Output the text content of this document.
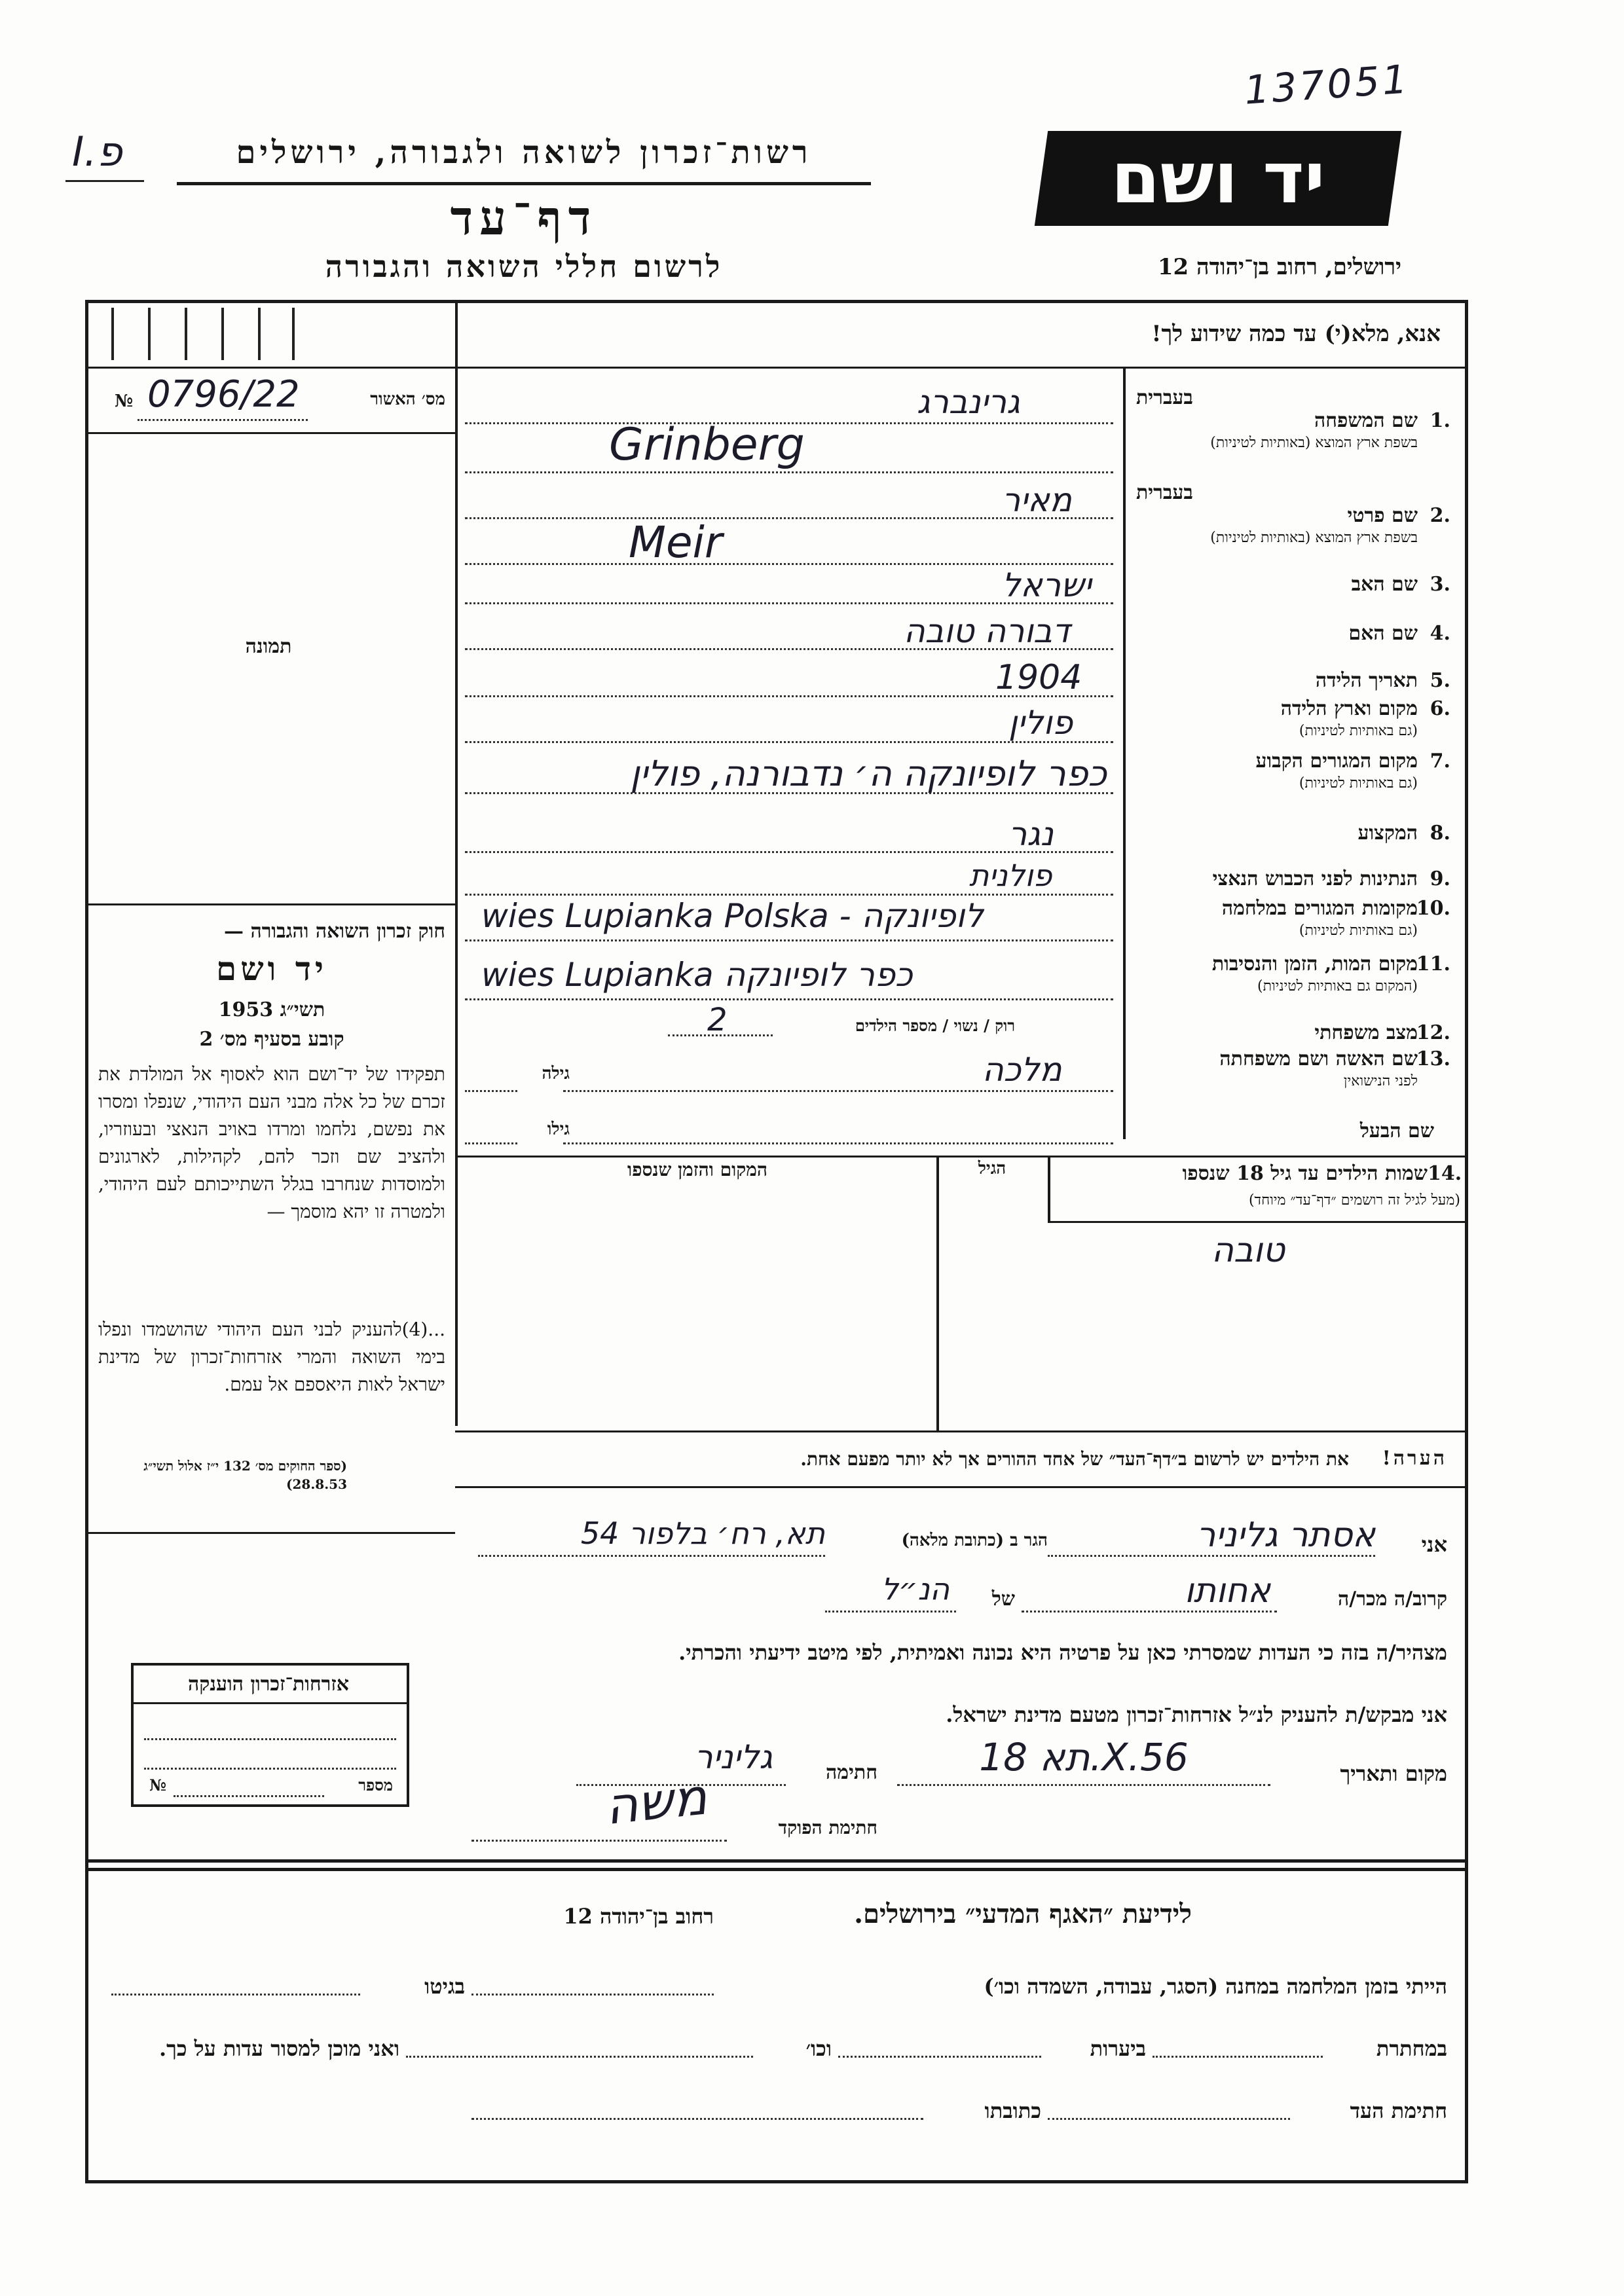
137051
פ.I	רשות־זכרון לשואה ולגבורה, ירושלים
דף־עד
לרשום חללי השואה והגבורה
יד ושם
ירושלים, רחוב בן־יהודה 12
אנא, מלא(י) עד כמה שידוע לך!
מס׳ האשור
0796/22
№
תמונה
חוק זכרון השואה והגבורה —
יד ושם
תשי״ג 1953
קובע בסעיף מס׳ 2
תפקידו של יד־ושם הוא לאסוף אל המולדת את זכרם של כל אלה מבני העם היהודי, שנפלו ומסרו את נפשם, נלחמו ומרדו באויב הנאצי ובעוזריו, ולהציב שם וזכר להם, לקהילות, לארגונים ולמוסדות שנחרבו בגלל השתייכותם לעם היהודי, ולמטרה זו יהא מוסמך —
...(4)להעניק לבני העם היהודי שהושמדו ונפלו בימי השואה והמרי אזרחות־זכרון של מדינת ישראל לאות היאספם אל עמם.
(ספר החוקים מס׳ 132 י״ז אלול תשי״ג 28.8.53)
בעברית
בעברית
1.
שם המשפחה
בשפת ארץ המוצא (באותיות לטיניות)
2.
שם פרטי
בשפת ארץ המוצא (באותיות לטיניות)
3.
שם האב
4.
שם האם
5.
תאריך הלידה
6.
מקום וארץ הלידה
(גם באותיות לטיניות)
7.
מקום המגורים הקבוע
(גם באותיות לטיניות)
8.
המקצוע
9.
הנתינות לפני הכבוש הנאצי
10.
מקומות המגורים במלחמה
(גם באותיות לטיניות)
11.
מקום המות, הזמן והנסיבות
(המקום גם באותיות לטיניות)
12.
מצב משפחתי
13.
שם האשה ושם משפחתה
לפני הנישואין
שם הבעל
גרינברג
Grinberg
מאיר
Meir
ישראל
דבורה טובה
1904
פולין
כפר לופיונקה ה׳ נדבורנה, פולין
נגר
פולנית
wies Lupianka Polska - לופיונקה
wies Lupianka כפר לופיונקה
רוק / נשוי / מספר הילדים
2
מלכה
גילה
גילו
שמות הילדים עד גיל 18 שנספו 14.
(מעל לגיל זה רושמים ״דף־עד״ מיוחד)
הגיל
המקום והזמן שנספו
טובה
הערה!
את הילדים יש לרשום ב״דף־העד״ של אחד ההורים אך לא יותר מפעם אחת.
אני
אסתר גליניר
הגר ב (כתובת מלאה)
תא, רח׳ בלפור 54
קרוב/ה מכר/ה
אחותו
של
הנ״ל
מצהיר/ה בזה כי העדות שמסרתי כאן על פרטיה היא נכונה ואמיתית, לפי מיטב ידיעתי והכרתי.
אני מבקש/ת להעניק לנ״ל אזרחות־זכרון מטעם מדינת ישראל.
מקום ותאריך
תא 18.X.56
חתימה
גליניר
חתימת הפוקד
משה
אזרחות־זכרון הוענקה
מספר
№
לידיעת ״האגף המדעי״ בירושלים.
רחוב בן־יהודה 12
הייתי בזמן המלחמה במחנה (הסגר, עבודה, השמדה וכו׳)
בגיטו
במחתרת
ביערות
וכו׳
ואני מוכן למסור עדות על כך.
חתימת העד
כתובתו
